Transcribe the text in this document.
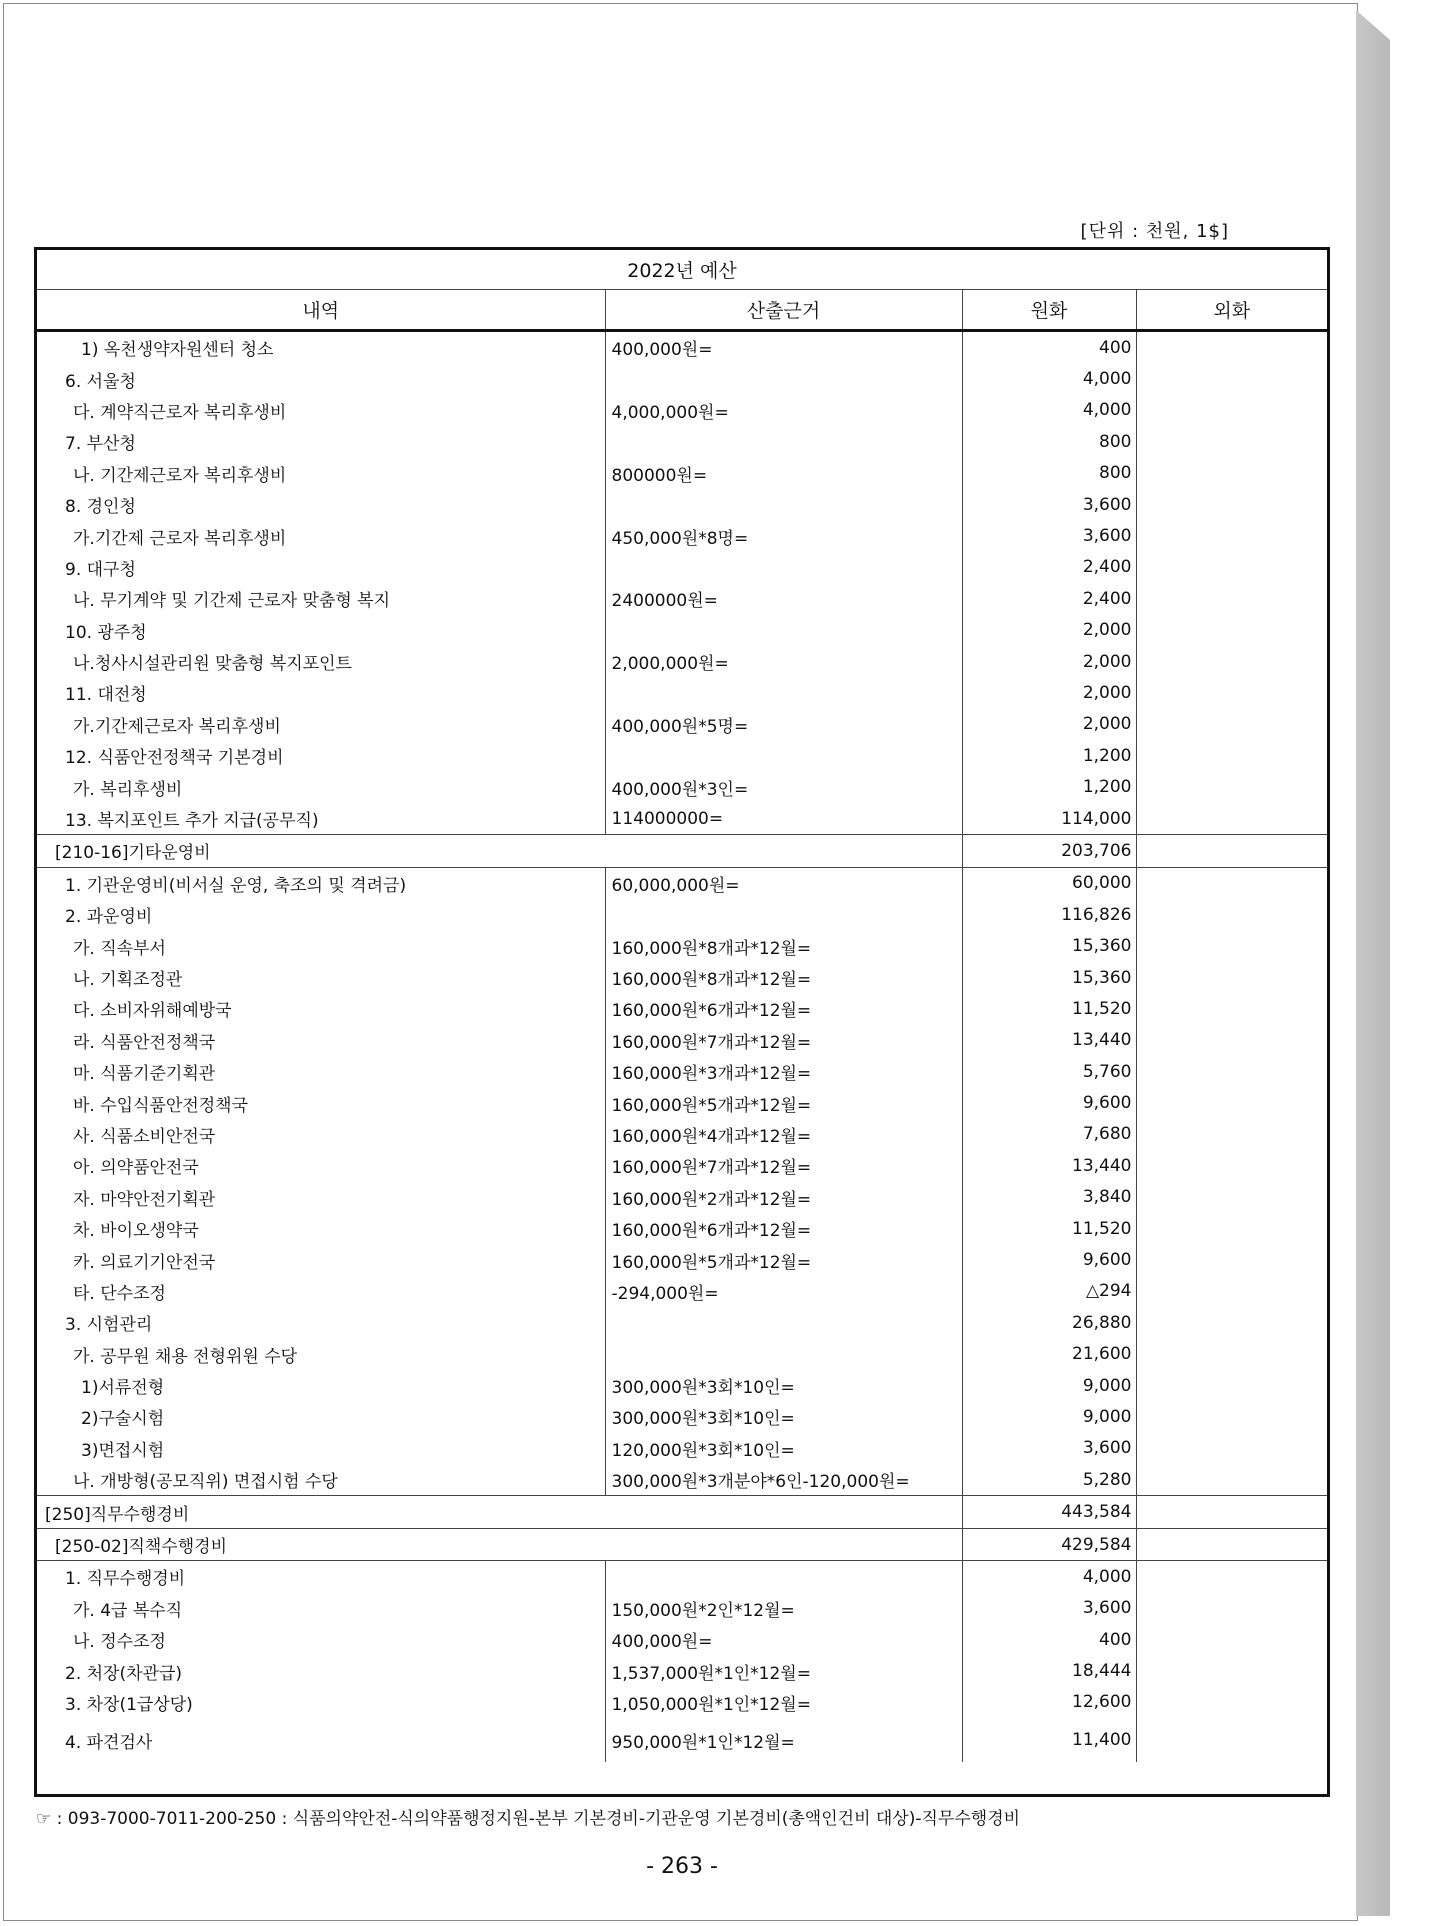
[단위 : 천원, 1$]
2022년 예산			
내역	산출근거	원화	외화
1) 옥천생약자원센터 청소	400,000원=	400	
6. 서울청		4,000	
다. 계약직근로자 복리후생비	4,000,000원=	4,000	
7. 부산청		800	
나. 기간제근로자 복리후생비	800000원=	800	
8. 경인청		3,600	
가.기간제 근로자 복리후생비	450,000원*8명=	3,600	
9. 대구청		2,400	
나. 무기계약 및 기간제 근로자 맞춤형 복지	2400000원=	2,400	
10. 광주청		2,000	
나.청사시설관리원 맞춤형 복지포인트	2,000,000원=	2,000	
11. 대전청		2,000	
가.기간제근로자 복리후생비	400,000원*5명=	2,000	
12. 식품안전정책국 기본경비		1,200	
가. 복리후생비	400,000원*3인=	1,200	
13. 복지포인트 추가 지급(공무직)	114000000=	114,000	
[210-16]기타운영비		203,706	
1. 기관운영비(비서실 운영, 축조의 및 격려금)	60,000,000원=	60,000	
2. 과운영비		116,826	
가. 직속부서	160,000원*8개과*12월=	15,360	
나. 기획조정관	160,000원*8개과*12월=	15,360	
다. 소비자위해예방국	160,000원*6개과*12월=	11,520	
라. 식품안전정책국	160,000원*7개과*12월=	13,440	
마. 식품기준기획관	160,000원*3개과*12월=	5,760	
바. 수입식품안전정책국	160,000원*5개과*12월=	9,600	
사. 식품소비안전국	160,000원*4개과*12월=	7,680	
아. 의약품안전국	160,000원*7개과*12월=	13,440	
자. 마약안전기획관	160,000원*2개과*12월=	3,840	
차. 바이오생약국	160,000원*6개과*12월=	11,520	
카. 의료기기안전국	160,000원*5개과*12월=	9,600	
타. 단수조정	-294,000원=	△294	
3. 시험관리		26,880	
가. 공무원 채용 전형위원 수당		21,600	
1)서류전형	300,000원*3회*10인=	9,000	
2)구술시험	300,000원*3회*10인=	9,000	
3)면접시험	120,000원*3회*10인=	3,600	
나. 개방형(공모직위) 면접시험 수당	300,000원*3개분야*6인-120,000원=	5,280	
[250]직무수행경비		443,584	
[250-02]직책수행경비		429,584	
1. 직무수행경비		4,000	
가. 4급 복수직	150,000원*2인*12월=	3,600	
나. 정수조정	400,000원=	400	
2. 처장(차관급)	1,537,000원*1인*12월=	18,444	
3. 차장(1급상당)	1,050,000원*1인*12월=	12,600	
4. 파견검사	950,000원*1인*12월=	11,400	
☞ : 093-7000-7011-200-250 : 식품의약안전-식의약품행정지원-본부 기본경비-기관운영 기본경비(총액인건비 대상)-직무수행경비
- 263 -
